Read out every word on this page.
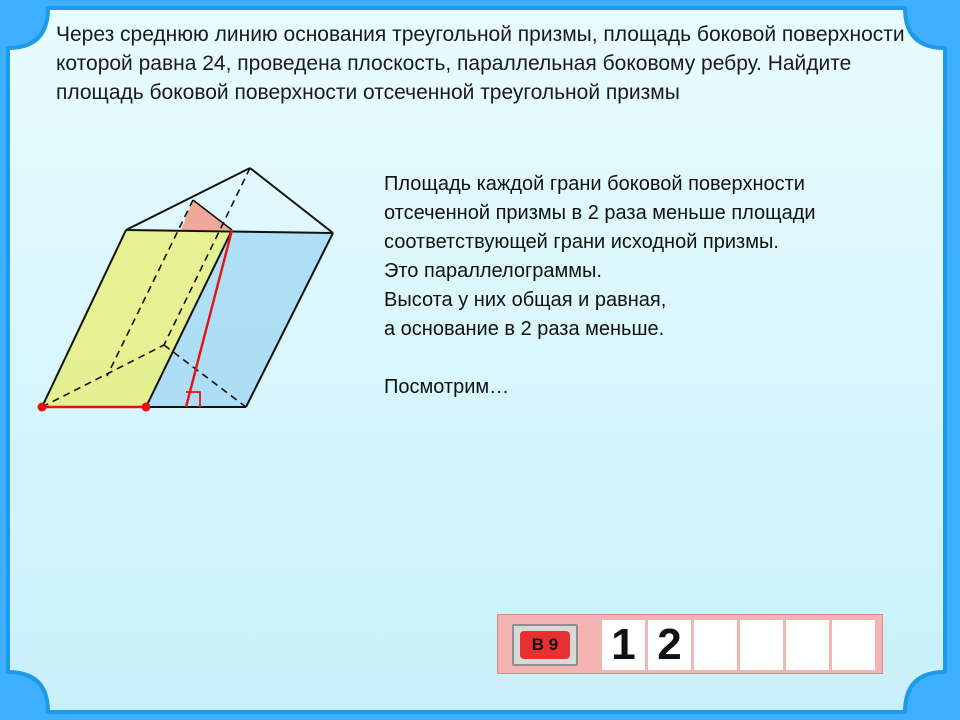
Через среднюю линию основания треугольной призмы, площадь боковой поверхности которой равна 24, проведена плоскость, параллельная боковому ребру. Найдите площадь боковой поверхности отсеченной треугольной призмы

Площадь каждой грани боковой поверхности
отсеченной призмы в 2 раза меньше площади
соответствующей грани исходной призмы.
Это параллелограммы.
Высота у них общая и равная,
а основание в 2 раза меньше.
Посмотрим…
В 9 1 2
